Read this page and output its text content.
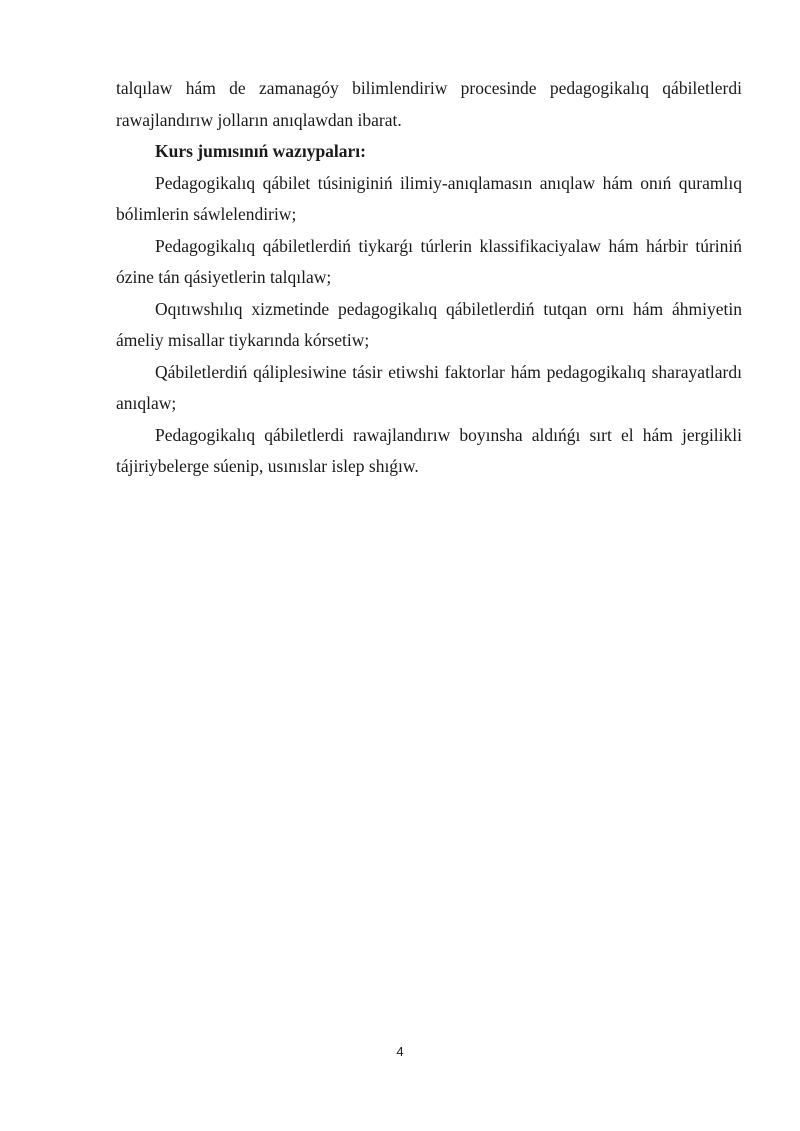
talqılaw hám de zamanagóy bilimlendiriw procesinde pedagogikalıq qábiletlerdi rawajlandırıw jolların anıqlawdan ibarat.

Kurs jumısınıń wazıypaları:

Pedagogikalıq qábilet túsiniginiń ilimiy-anıqlamasın anıqlaw hám onıń quramlıq bólimlerin sáwlelendiriw;

Pedagogikalıq qábiletlerdiń tiykarǵı túrlerin klassifikaciyalaw hám hárbir túriniń ózine tán qásiyetlerin talqılaw;

Oqıtıwshılıq xizmetinde pedagogikalıq qábiletlerdiń tutqan ornı hám áhmiyetin ámeliy misallar tiykarında kórsetiw;

Qábiletlerdiń qáliplesiwine tásir etiwshi faktorlar hám pedagogikalıq sharayatlardı anıqlaw;

Pedagogikalıq qábiletlerdi rawajlandırıw boyınsha aldıńǵı sırt el hám jergilikli tájiriybelerge súenip, usınıslar islep shıǵıw.

4
